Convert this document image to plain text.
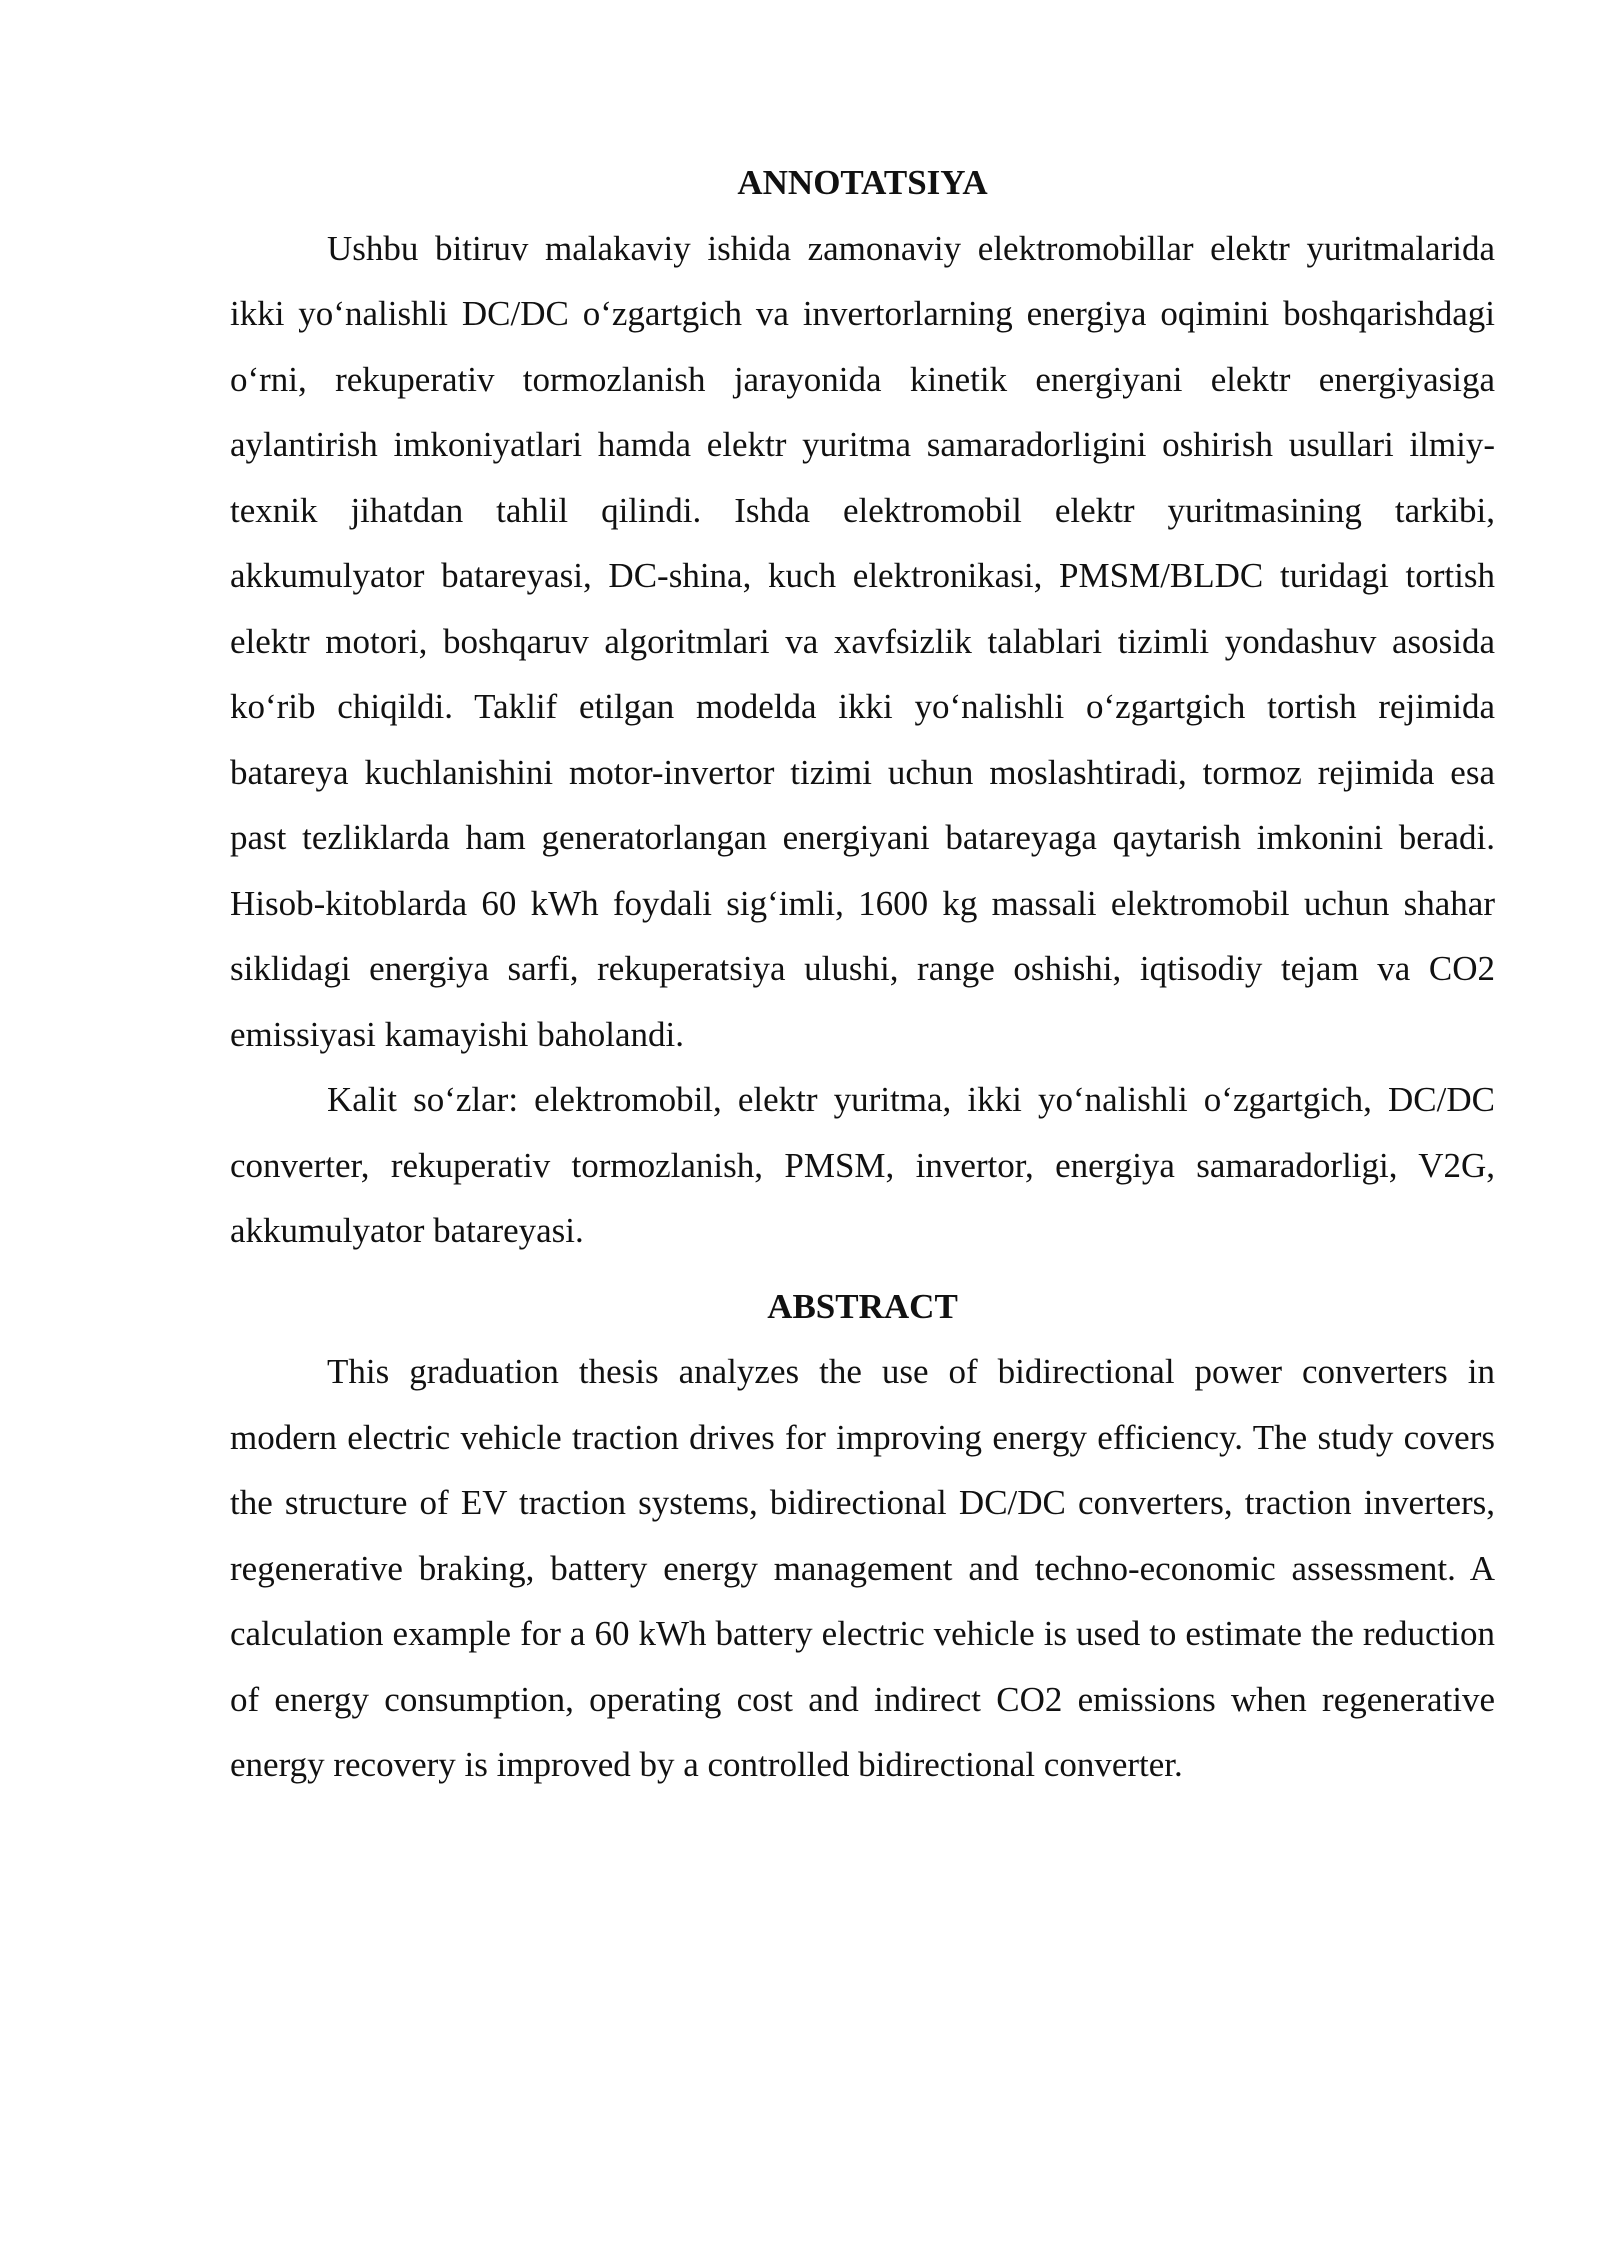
ANNOTATSIYA

Ushbu bitiruv malakaviy ishida zamonaviy elektromobillar elektr yuritmalarida ikki yo‘nalishli DC/DC o‘zgartgich va invertorlarning energiya oqimini boshqarishdagi o‘rni, rekuperativ tormozlanish jarayonida kinetik energiyani elektr energiyasiga aylantirish imkoniyatlari hamda elektr yuritma samaradorligini oshirish usullari ilmiy-texnik jihatdan tahlil qilindi. Ishda elektromobil elektr yuritmasining tarkibi, akkumulyator batareyasi, DC-shina, kuch elektronikasi, PMSM/BLDC turidagi tortish elektr motori, boshqaruv algoritmlari va xavfsizlik talablari tizimli yondashuv asosida ko‘rib chiqildi. Taklif etilgan modelda ikki yo‘nalishli o‘zgartgich tortish rejimida batareya kuchlanishini motor-invertor tizimi uchun moslashtiradi, tormoz rejimida esa past tezliklarda ham generatorlangan energiyani batareyaga qaytarish imkonini beradi. Hisob-kitoblarda 60 kWh foydali sig‘imli, 1600 kg massali elektromobil uchun shahar siklidagi energiya sarfi, rekuperatsiya ulushi, range oshishi, iqtisodiy tejam va CO2 emissiyasi kamayishi baholandi.

Kalit so‘zlar: elektromobil, elektr yuritma, ikki yo‘nalishli o‘zgartgich, DC/DC converter, rekuperativ tormozlanish, PMSM, invertor, energiya samaradorligi, V2G, akkumulyator batareyasi.

ABSTRACT

This graduation thesis analyzes the use of bidirectional power converters in modern electric vehicle traction drives for improving energy efficiency. The study covers the structure of EV traction systems, bidirectional DC/DC converters, traction inverters, regenerative braking, battery energy management and techno-economic assessment. A calculation example for a 60 kWh battery electric vehicle is used to estimate the reduction of energy consumption, operating cost and indirect CO2 emissions when regenerative energy recovery is improved by a controlled bidirectional converter.
